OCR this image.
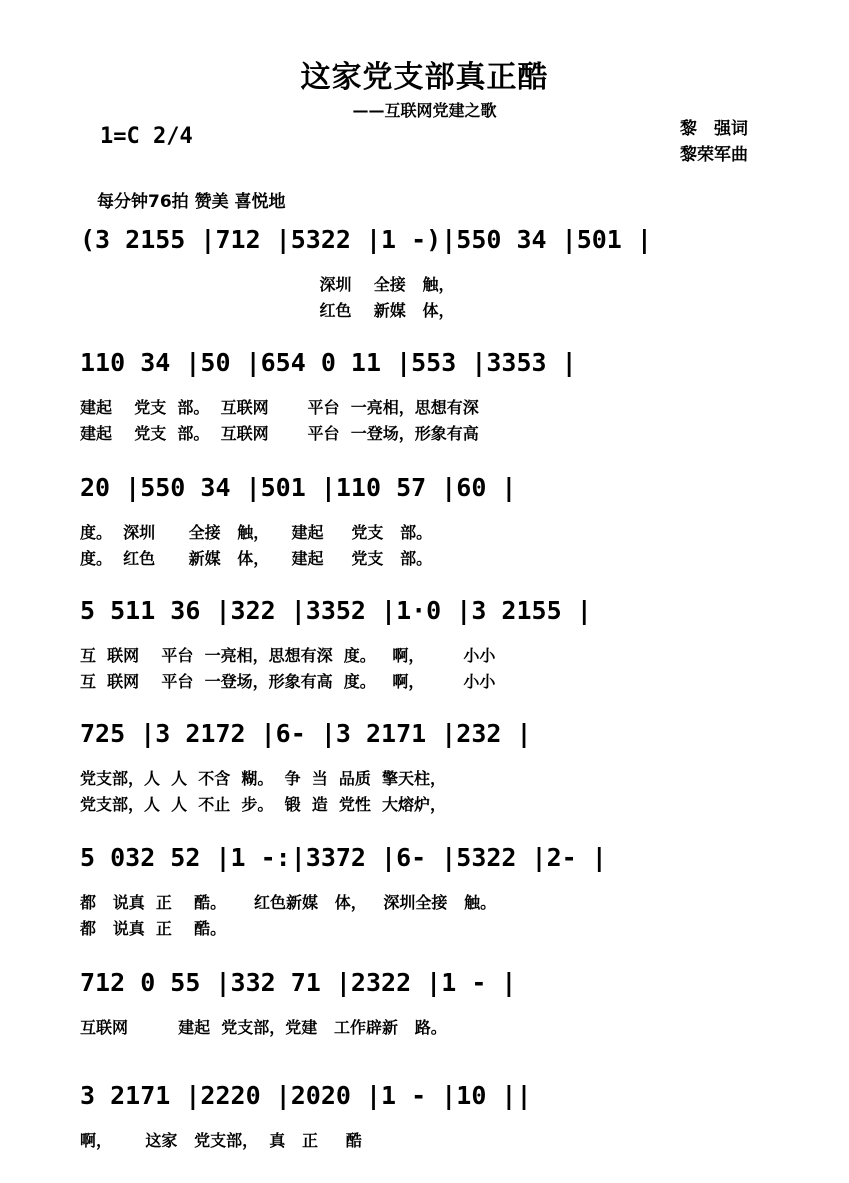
这家党支部真正酷
——互联网党建之歌
1=C 2/4	黎　强词
黎荣军曲
每分钟76拍 赞美 喜悦地
(3 2155 |712 |5322 |1 -)|550 34 |501 |
深圳    全接   触，
红色    新媒   体，
110 34 |50 |654 0 11 |553 |3353 |
建起    党支  部。  互联网       平台  一亮相，思想有深
建起    党支  部。  互联网       平台  一登场，形象有高
20 |550 34 |501 |110 57 |60 |
度。  深圳      全接   触，    建起     党支   部。
度。  红色      新媒   体，    建起     党支   部。
5 511 36 |322 |3352 |1·0 |3 2155 |
互  联网    平台  一亮相，思想有深  度。   啊，       小小
互  联网    平台  一登场，形象有高  度。   啊，       小小
725 |3 2172 |6- |3 2171 |232 |
党支部，人  人  不含  糊。  争  当  品质  擎天柱，
党支部，人  人  不止  步。  锻  造  党性  大熔炉，
5 032 52 |1 -:|3372 |6- |5322 |2- |
都   说真  正    酷。     红色新媒   体，   深圳全接   触。
都   说真  正    酷。
712 0 55 |332 71 |2322 |1 - |
互联网         建起  党支部，党建   工作辟新   路。
3 2171 |2220 |2020 |1 - |10 ||
啊，      这家   党支部，  真   正     酷
